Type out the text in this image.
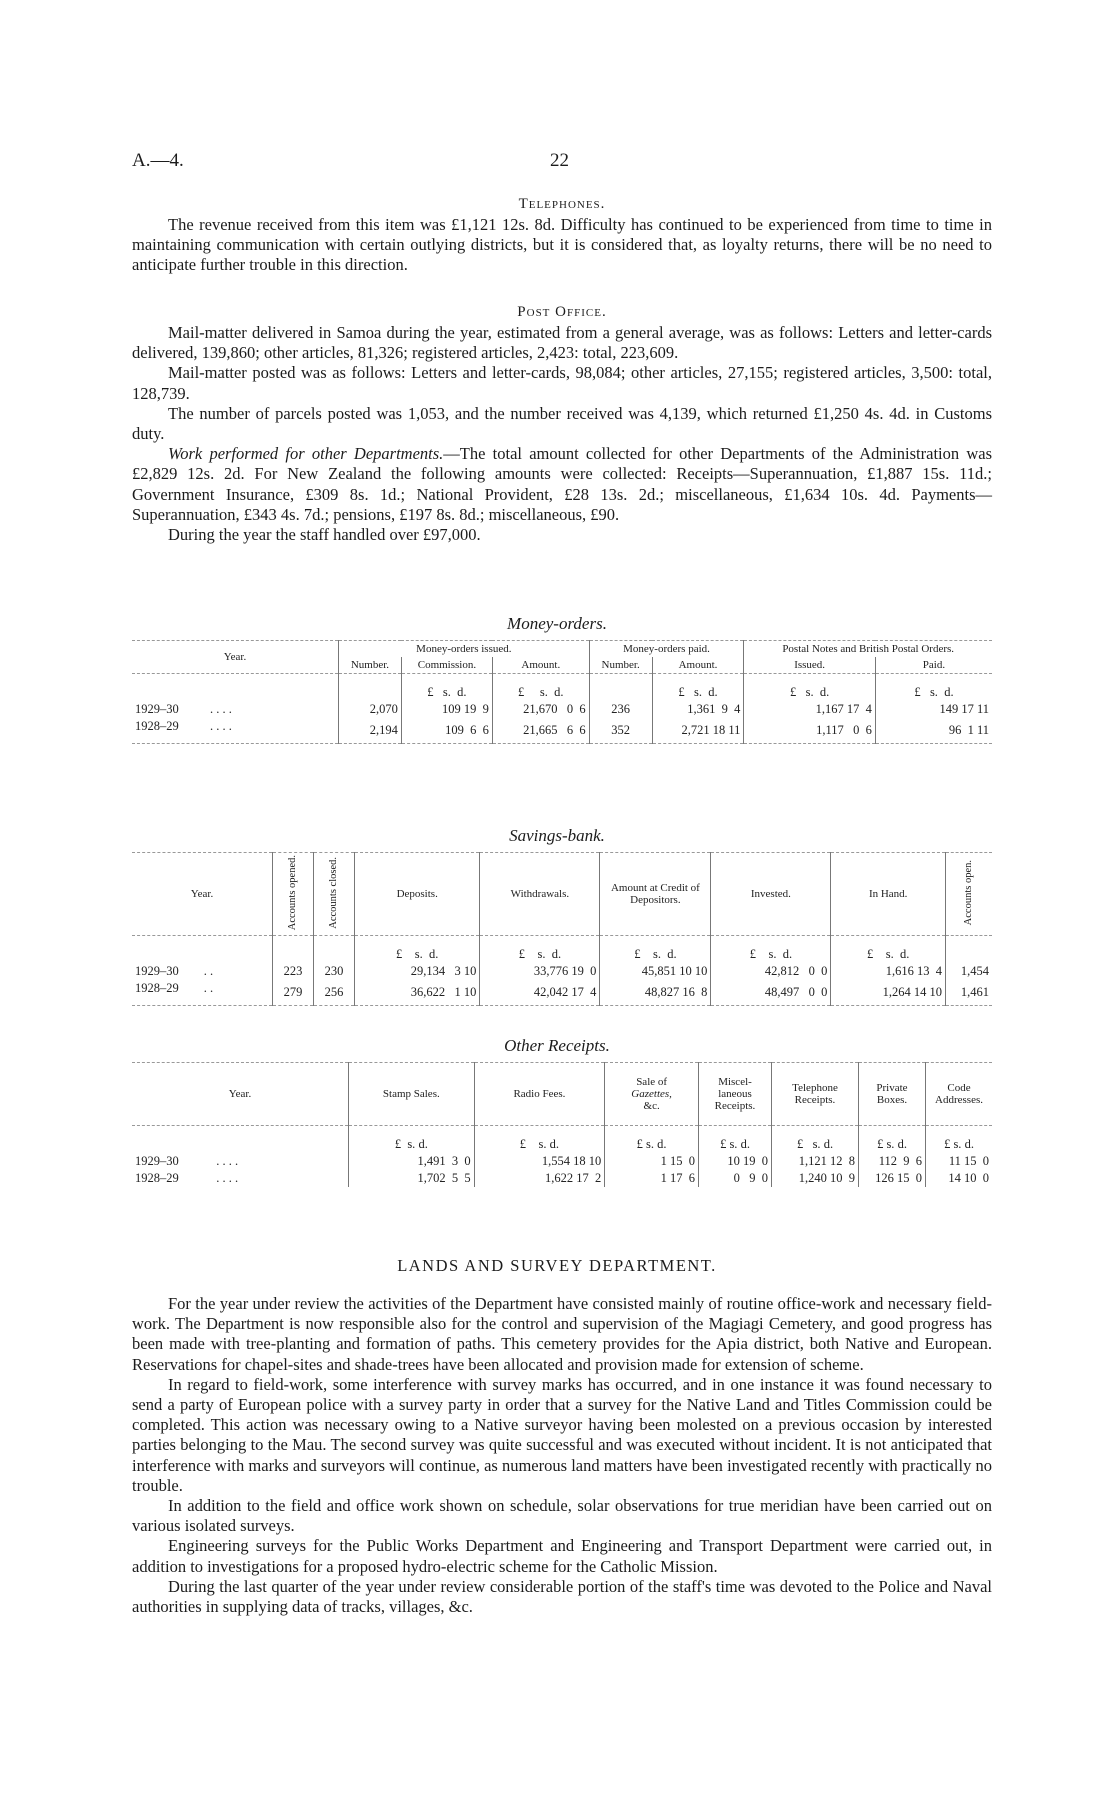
A.—4.	22

Telephones.

The revenue received from this item was £1,121 12s. 8d. Difficulty has continued to be experienced from time to time in maintaining communication with certain outlying districts, but it is considered that, as loyalty returns, there will be no need to anticipate further trouble in this direction.

Post Office.

Mail-matter delivered in Samoa during the year, estimated from a general average, was as follows: Letters and letter-cards delivered, 139,860; other articles, 81,326; registered articles, 2,423: total, 223,609.

Mail-matter posted was as follows: Letters and letter-cards, 98,084; other articles, 27,155; registered articles, 3,500: total, 128,739.

The number of parcels posted was 1,053, and the number received was 4,139, which returned £1,250 4s. 4d. in Customs duty.

Work performed for other Departments.—The total amount collected for other Departments of the Administration was £2,829 12s. 2d. For New Zealand the following amounts were collected: Receipts—Superannuation, £1,887 15s. 11d.; Government Insurance, £309 8s. 1d.; National Provident, £28 13s. 2d.; miscellaneous, £1,634 10s. 4d. Payments—Superannuation, £343 4s. 7d.; pensions, £197 8s. 8d.; miscellaneous, £90.

During the year the staff handled over £97,000.

Money-orders.
Year.	Money-orders issued.			Money-orders paid.		Postal Notes and British Postal Orders.	
	Number.	Commission.	Amount.	Number.	Amount.	Issued.	Paid.
		£ s. d.	£ s. d.		£ s. d.	£ s. d.	£ s. d.
1929–30 . . . .	2,070	109 19 9	21,670 0 6	236	1,361 9 4	1,167 17 4	149 17 11
1928–29 . . . .	2,194	109 6 6	21,665 6 6	352	2,721 18 11	1,117 0 6	96 1 11
Savings-bank.
Year.	Accounts opened.	Accounts closed.	Deposits.	Withdrawals.	Amount at Credit of Depositors.	Invested.	In Hand.	Accounts open.
			£ s. d.	£ s. d.	£ s. d.	£ s. d.	£ s. d.	
1929–30 . .	223	230	29,134 3 10	33,776 19 0	45,851 10 10	42,812 0 0	1,616 13 4	1,454
1928–29 . .	279	256	36,622 1 10	42,042 17 4	48,827 16 8	48,497 0 0	1,264 14 10	1,461
Other Receipts.
Year.	Stamp Sales.	Radio Fees.	Sale of
Gazettes,
&c.	Miscel-laneous Receipts.	Telephone Receipts.	Private Boxes.	Code Addresses.
	£ s. d.	£ s. d.	£ s. d.	£ s. d.	£ s. d.	£ s. d.	£ s. d.
1929–30 . . . .	1,491 3 0	1,554 18 10	1 15 0	10 19 0	1,121 12 8	112 9 6	11 15 0
1928–29 . . . .	1,702 5 5	1,622 17 2	1 17 6	0 9 0	1,240 10 9	126 15 0	14 10 0
LANDS AND SURVEY DEPARTMENT.

For the year under review the activities of the Department have consisted mainly of routine office-work and necessary field-work. The Department is now responsible also for the control and supervision of the Magiagi Cemetery, and good progress has been made with tree-planting and formation of paths. This cemetery provides for the Apia district, both Native and European. Reservations for chapel-sites and shade-trees have been allocated and provision made for extension of scheme.

In regard to field-work, some interference with survey marks has occurred, and in one instance it was found necessary to send a party of European police with a survey party in order that a survey for the Native Land and Titles Commission could be completed. This action was necessary owing to a Native surveyor having been molested on a previous occasion by interested parties belonging to the Mau. The second survey was quite successful and was executed without incident. It is not anticipated that interference with marks and surveyors will continue, as numerous land matters have been investigated recently with practically no trouble.

In addition to the field and office work shown on schedule, solar observations for true meridian have been carried out on various isolated surveys.

Engineering surveys for the Public Works Department and Engineering and Transport Department were carried out, in addition to investigations for a proposed hydro-electric scheme for the Catholic Mission.

During the last quarter of the year under review considerable portion of the staff's time was devoted to the Police and Naval authorities in supplying data of tracks, villages, &c.
